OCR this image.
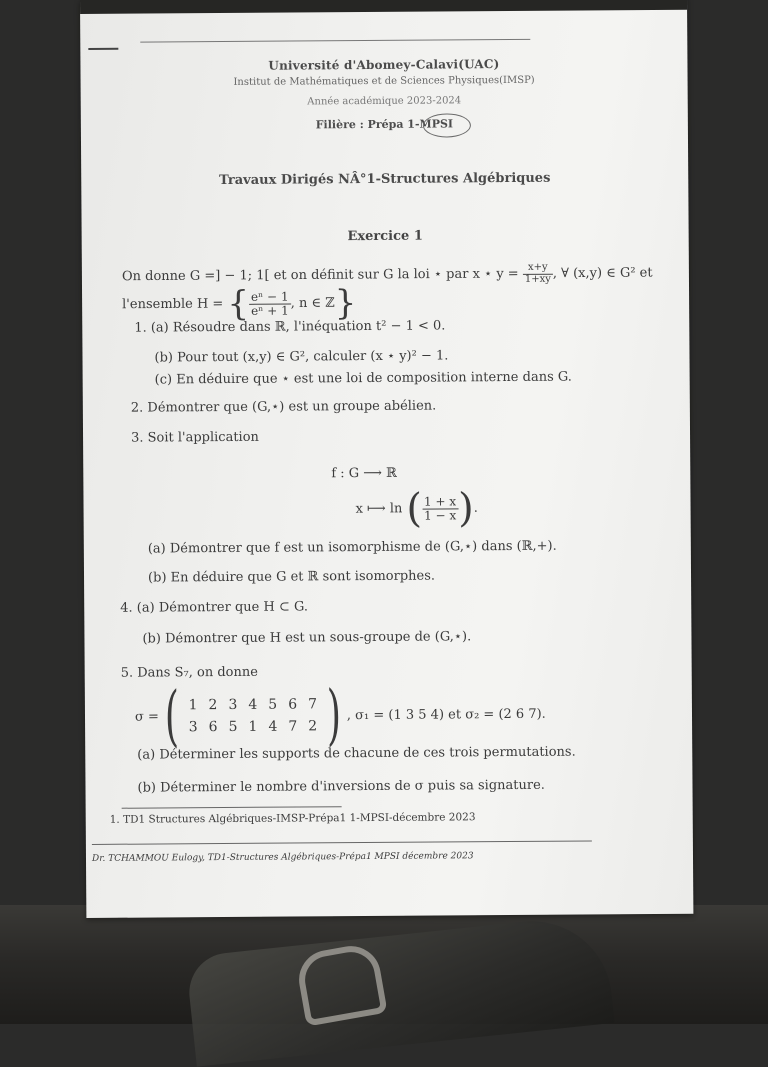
Université d'Abomey-Calavi(UAC)
Institut de Mathématiques et de Sciences Physiques(IMSP)
Année académique 2023-2024
Filière : Prépa 1-MPSI
Travaux Dirigés NÂ°1-Structures Algébriques
Exercice 1
On donne G =] − 1; 1[ et on définit sur G la loi ⋆ par x ⋆ $y = \frac{x+y}{1+xy}$ , ∀ (x,y) ∈ G² et
l'ensemble H = { $\frac{\text{eⁿ − 1}}{\text{eⁿ + 1}}$ , n ∈ ℤ}
1. (a) Résoudre dans ℝ, l'inéquation t² − 1 < 0.
(b) Pour tout (x,y) ∈ G², calculer (x ⋆ y)² − 1.
(c) En déduire que ⋆ est une loi de composition interne dans G.
2. Démontrer que (G,⋆) est un groupe abélien.
3. Soit l'application
f : G ⟶ ℝ
x ⟼ ln ( $\frac{1 + x}{1 - x}$ ).
(a) Démontrer que f est un isomorphisme de (G,⋆) dans (ℝ,+).
(b) En déduire que G et ℝ sont isomorphes.
4. (a) Démontrer que H ⊂ G.
(b) Démontrer que H est un sous-groupe de (G,⋆).
5. Dans S₇, on donne
σ = ( 1 2 3 4 5 6 7
3 6 5 1 4 7 2 ) , σ₁ = (1 3 5 4) et σ₂ = (2 6 7).
(a) Déterminer les supports de chacune de ces trois permutations.
(b) Déterminer le nombre d'inversions de σ puis sa signature.
1. TD1 Structures Algébriques-IMSP-Prépa1 1-MPSI-décembre 2023
Dr. TCHAMMOU Eulogy, TD1-Structures Algébriques-Prépa1 MPSI décembre 2023
